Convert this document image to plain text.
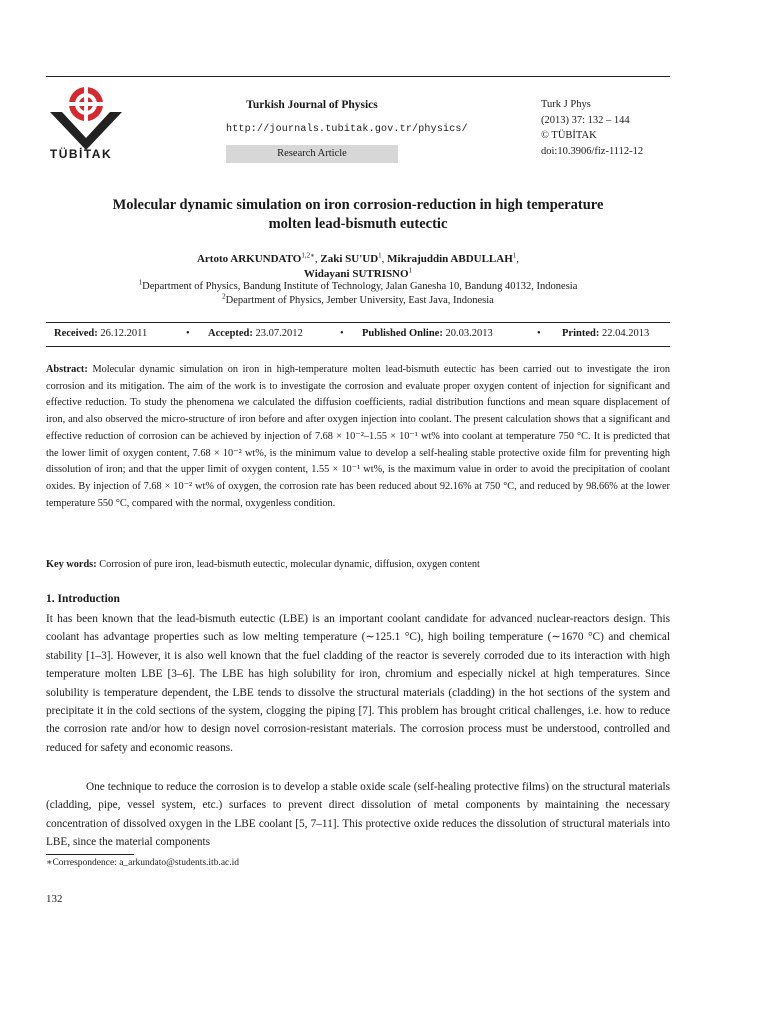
TÜBİTAK
Turkish Journal of Physics
http://journals.tubitak.gov.tr/physics/
Research Article
Turk J Phys
(2013) 37: 132 – 144
© TÜBİTAK
doi:10.3906/fiz-1112-12
Molecular dynamic simulation on iron corrosion-reduction in high temperature
molten lead-bismuth eutectic
Artoto $ARKUNDATO^{1,2∗}$, Zaki $SU'UD^1$, Mikrajuddin ABDULLAH$^1$,
Widayani SUTRISNO$^1$
$^1$Department of Physics, Bandung Institute of Technology, Jalan Ganesha 10, Bandung 40132, Indonesia
$^2$Department of Physics, Jember University, East Java, Indonesia
Received: 26.12.2011	• Accepted: 23.07.2012	• Published Online: 20.03.2013	• Printed: 22.04.2013
Abstract: Molecular dynamic simulation on iron in high-temperature molten lead-bismuth eutectic has been carried out to investigate the iron corrosion and its mitigation. The aim of the work is to investigate the corrosion and evaluate proper oxygen content of injection for significant and effective reduction. To study the phenomena we calculated the diffusion coefficients, radial distribution functions and mean square displacement of iron, and also observed the micro-structure of iron before and after oxygen injection into coolant. The present calculation shows that a significant and effective reduction of corrosion can be achieved by injection of 7.68 × 10⁻²–1.55 × 10⁻¹ wt% into coolant at temperature 750 °C. It is predicted that the lower limit of oxygen content, 7.68 × 10⁻² wt%, is the minimum value to develop a self-healing stable protective oxide film for preventing high dissolution of iron; and that the upper limit of oxygen content, 1.55 × 10⁻¹ wt%, is the maximum value in order to avoid the precipitation of coolant oxides. By injection of 7.68 × 10⁻² wt% of oxygen, the corrosion rate has been reduced about 92.16% at 750 °C, and reduced by 98.66% at the lower temperature 550 °C, compared with the normal, oxygenless condition.
Key words: Corrosion of pure iron, lead-bismuth eutectic, molecular dynamic, diffusion, oxygen content
1. Introduction
It has been known that the lead-bismuth eutectic (LBE) is an important coolant candidate for advanced nuclear-reactors design. This coolant has advantage properties such as low melting temperature (∼125.1 °C), high boiling temperature (∼1670 °C) and chemical stability [1–3]. However, it is also well known that the fuel cladding of the reactor is severely corroded due to its interaction with high temperature molten LBE [3–6]. The LBE has high solubility for iron, chromium and especially nickel at high temperatures. Since solubility is temperature dependent, the LBE tends to dissolve the structural materials (cladding) in the hot sections of the system and precipitate it in the cold sections of the system, clogging the piping [7]. This problem has brought critical challenges, i.e. how to reduce the corrosion rate and/or how to design novel corrosion-resistant materials. The corrosion process must be understood, controlled and reduced for safety and economic reasons.
One technique to reduce the corrosion is to develop a stable oxide scale (self-healing protective films) on the structural materials (cladding, pipe, vessel system, etc.) surfaces to prevent direct dissolution of metal components by maintaining the necessary concentration of dissolved oxygen in the LBE coolant [5, 7–11]. This protective oxide reduces the dissolution of structural materials into LBE, since the material components
∗Correspondence: a_arkundato@students.itb.ac.id
132
